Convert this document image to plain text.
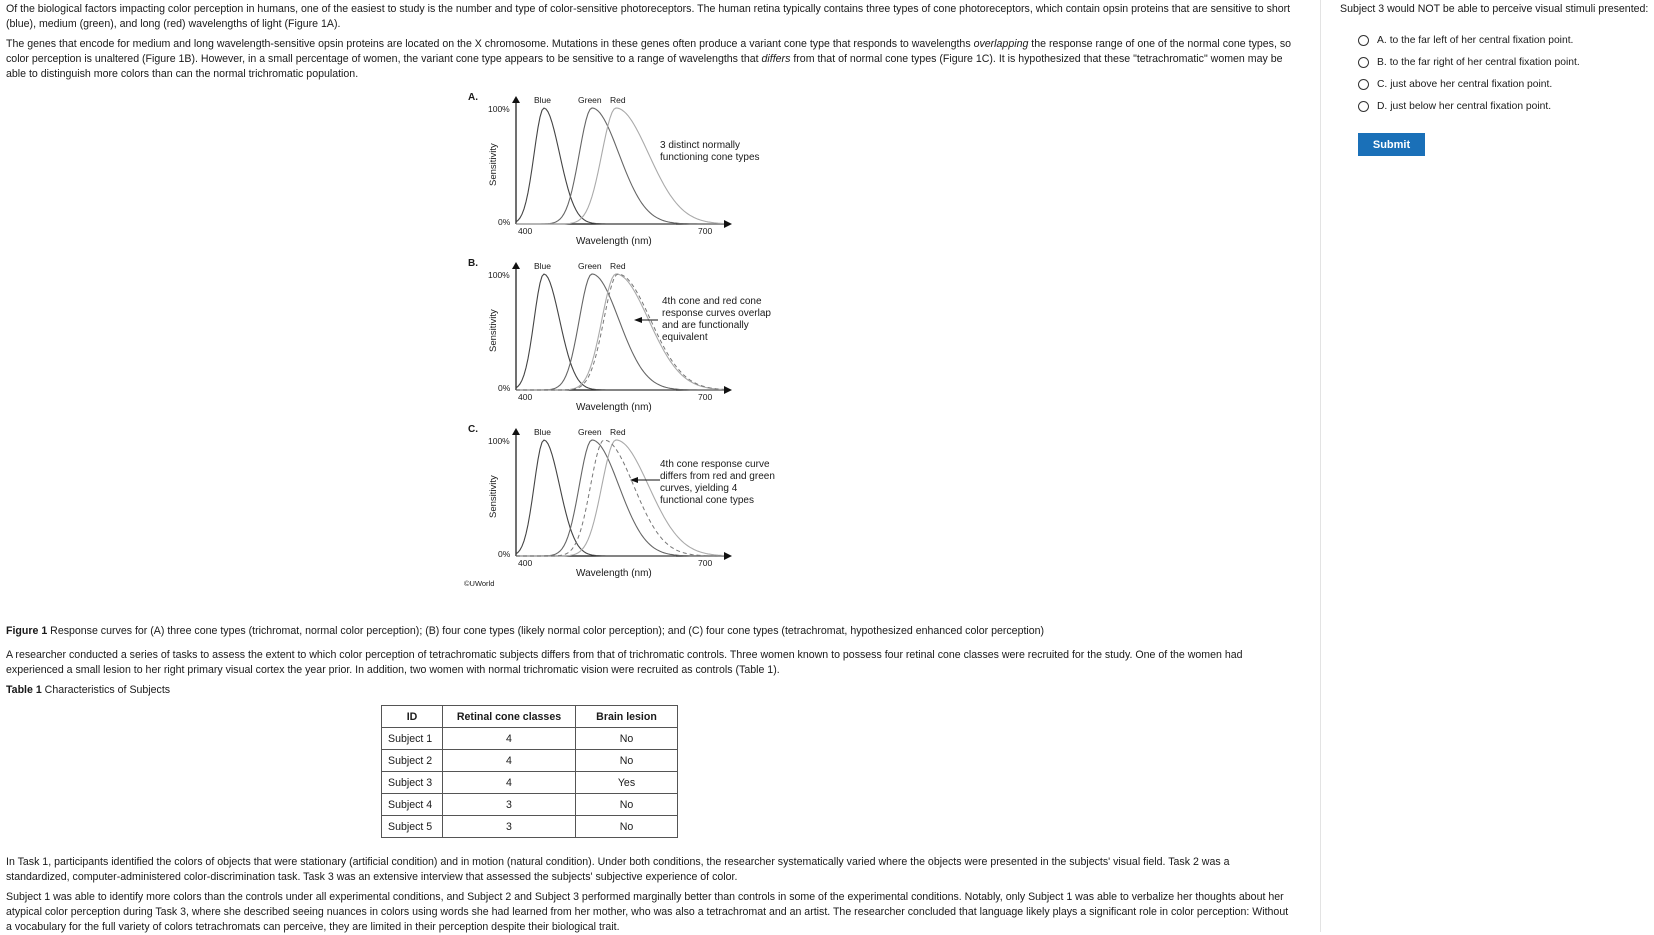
Of the biological factors impacting color perception in humans, one of the easiest to study is the number and type of color-sensitive photoreceptors. The human retina typically contains three types of cone photoreceptors, which contain opsin proteins that are sensitive to short
(blue), medium (green), and long (red) wavelengths of light (Figure 1A).

The genes that encode for medium and long wavelength-sensitive opsin proteins are located on the X chromosome. Mutations in these genes often produce a variant cone type that responds to wavelengths overlapping the response range of one of the normal cone types, so
color perception is unaltered (Figure 1B). However, in a small percentage of women, the variant cone type appears to be sensitive to a range of wavelengths that differs from that of normal cone types (Figure 1C). It is hypothesized that these "tetrachromatic" women may be
able to distinguish more colors than can the normal trichromatic population.

A.
100%
0%
Sensitivity
400	700
Wavelength (nm)
Blue	Green Red
3 distinct normally
functioning cone types
B.
100%
0%
Sensitivity
400	700
Wavelength (nm)
Blue	Green Red
4th cone and red cone
response curves overlap
and are functionally
equivalent
C.
100%
0%
Sensitivity
400	700
Wavelength (nm)
Blue	Green Red
4th cone response curve
differs from red and green
curves, yielding 4
functional cone types
©UWorld
Figure 1 Response curves for (A) three cone types (trichromat, normal color perception); (B) four cone types (likely normal color perception); and (C) four cone types (tetrachromat, hypothesized enhanced color perception)

A researcher conducted a series of tasks to assess the extent to which color perception of tetrachromatic subjects differs from that of trichromatic controls. Three women known to possess four retinal cone classes were recruited for the study. One of the women had
experienced a small lesion to her right primary visual cortex the year prior. In addition, two women with normal trichromatic vision were recruited as controls (Table 1).

Table 1 Characteristics of Subjects
ID	Retinal cone classes	Brain lesion
Subject 1	4	No
Subject 2	4	No
Subject 3	4	Yes
Subject 4	3	No
Subject 5	3	No

In Task 1, participants identified the colors of objects that were stationary (artificial condition) and in motion (natural condition). Under both conditions, the researcher systematically varied where the objects were presented in the subjects' visual field. Task 2 was a
standardized, computer-administered color-discrimination task. Task 3 was an extensive interview that assessed the subjects' subjective experience of color.

Subject 1 was able to identify more colors than the controls under all experimental conditions, and Subject 2 and Subject 3 performed marginally better than controls in some of the experimental conditions. Notably, only Subject 1 was able to verbalize her thoughts about her
atypical color perception during Task 3, where she described seeing nuances in colors using words she had learned from her mother, who was also a tetrachromat and an artist. The researcher concluded that language likely plays a significant role in color perception: Without
a vocabulary for the full variety of colors tetrachromats can perceive, they are limited in their perception despite their biological trait.

Subject 3 would NOT be able to perceive visual stimuli presented:
A.
to the far left of her central fixation point.
B.
to the far right of her central fixation point.
C.
just above her central fixation point.
D.
just below her central fixation point.
Submit
